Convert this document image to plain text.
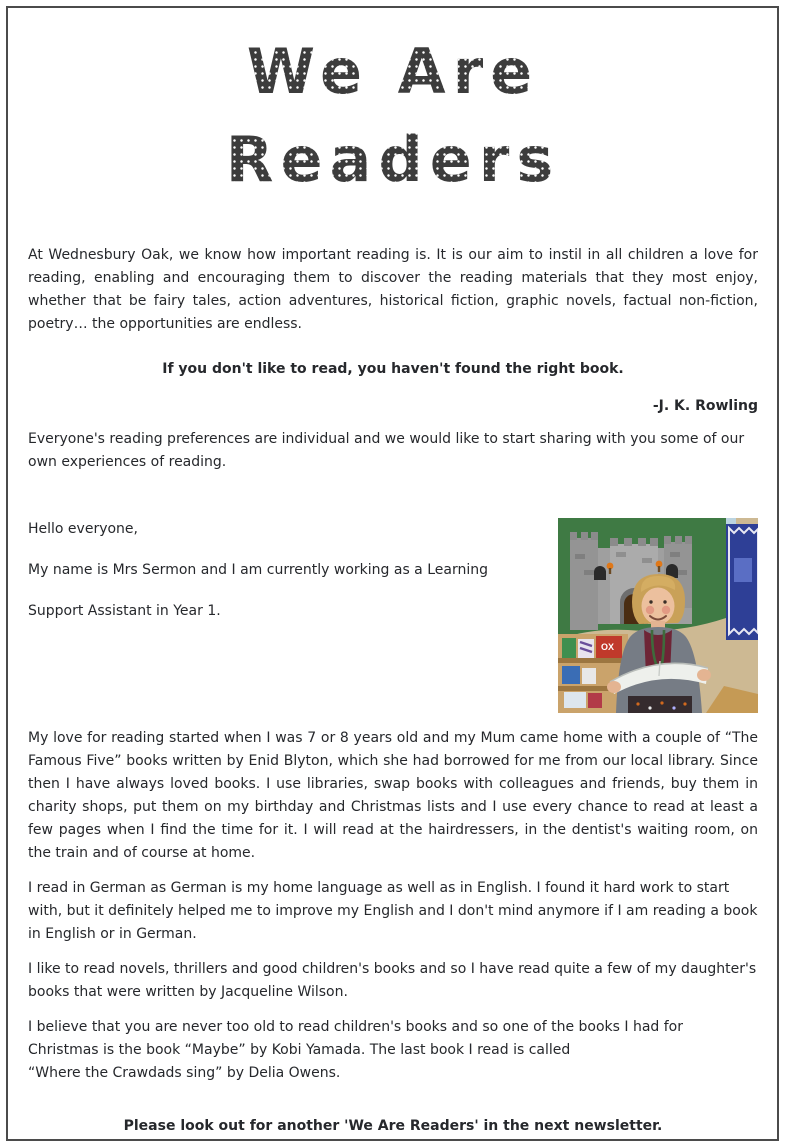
We Are
Readers

At Wednesbury Oak, we know how important reading is. It is our aim to instil in all children a love for reading, enabling and encouraging them to discover the reading materials that they most enjoy, whether that be fairy tales, action adventures, historical fiction, graphic novels, factual non-fiction, poetry… the opportunities are endless.

If you don't like to read, you haven't found the right book.

-J. K. Rowling

Everyone's reading preferences are individual and we would like to start sharing with you some of our own experiences of reading.

OX

Hello everyone,

My name is Mrs Sermon and I am currently working as a Learning

Support Assistant in Year 1.

My love for reading started when I was 7 or 8 years old and my Mum came home with a couple of “The Famous Five” books written by Enid Blyton, which she had borrowed for me from our local library. Since then I have always loved books. I use libraries, swap books with colleagues and friends, buy them in charity shops, put them on my birthday and Christmas lists and I use every chance to read at least a few pages when I find the time for it. I will read at the hairdressers, in the dentist's waiting room, on the train and of course at home.

I read in German as German is my home language as well as in English. I found it hard work to start with, but it definitely helped me to improve my English and I don't mind anymore if I am reading a book in English or in German.

I like to read novels, thrillers and good children's books and so I have read quite a few of my daughter's books that were written by Jacqueline Wilson.

I believe that you are never too old to read children's books and so one of the books I had for Christmas is the book “Maybe” by Kobi Yamada. The last book I read is called

“Where the Crawdads sing” by Delia Owens.

Please look out for another 'We Are Readers' in the next newsletter.
